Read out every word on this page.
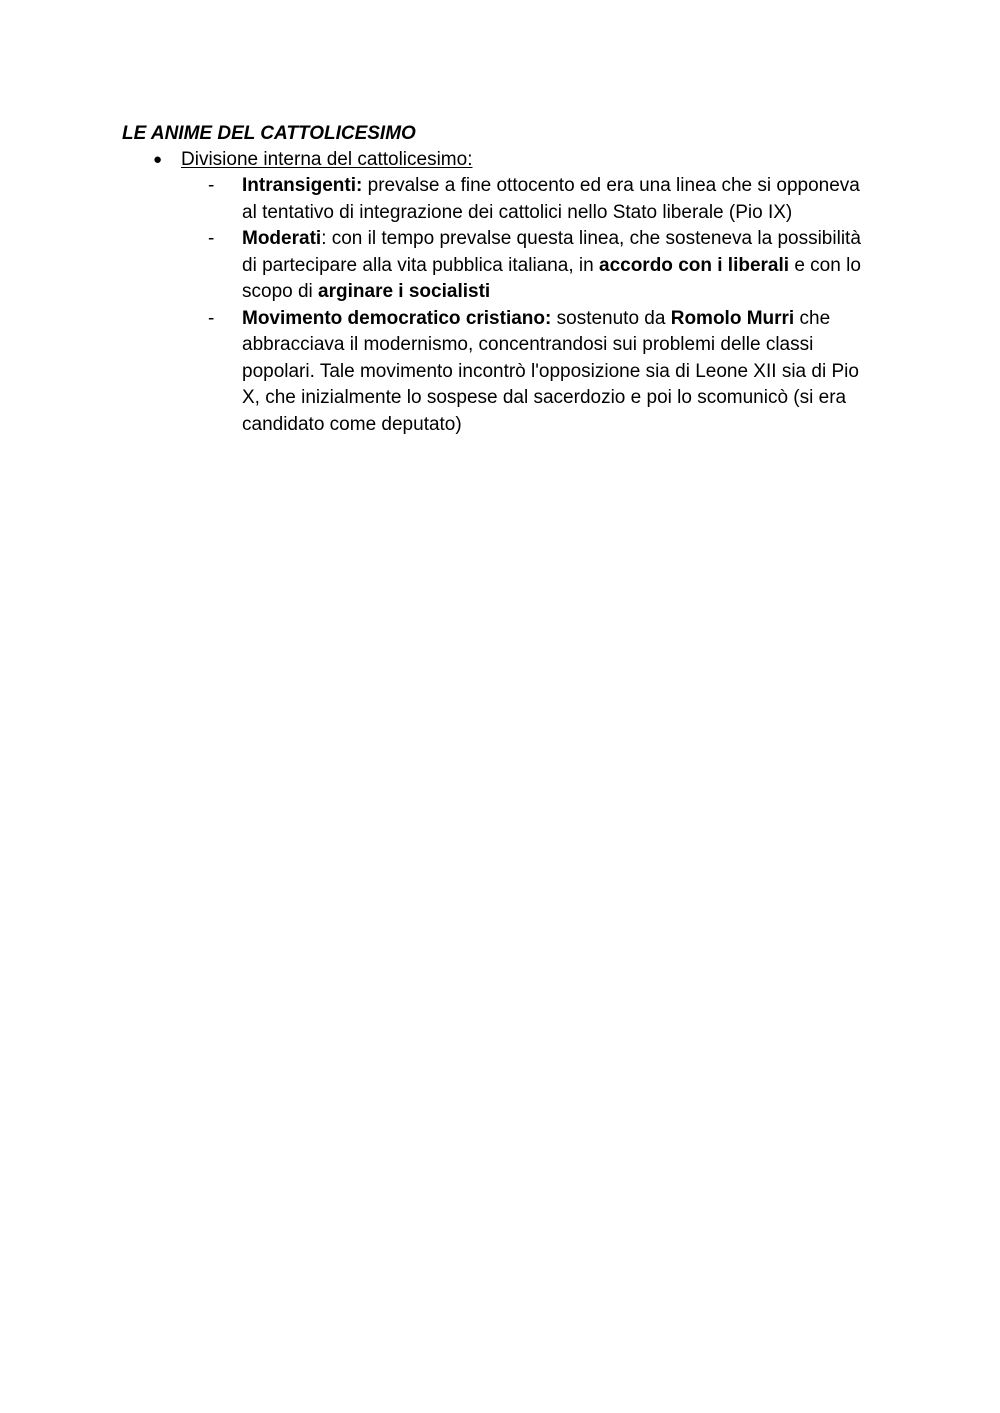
LE ANIME DEL CATTOLICESIMO
● Divisione interna del cattolicesimo:
- Intransigenti: prevalse a fine ottocento ed era una linea che si opponeva al tentativo di integrazione dei cattolici nello Stato liberale (Pio IX)
- Moderati: con il tempo prevalse questa linea, che sosteneva la possibilità di partecipare alla vita pubblica italiana, in accordo con i liberali e con lo scopo di arginare i socialisti
- Movimento democratico cristiano: sostenuto da Romolo Murri che abbracciava il modernismo, concentrandosi sui problemi delle classi popolari. Tale movimento incontrò l'opposizione sia di Leone XII sia di Pio X, che inizialmente lo sospese dal sacerdozio e poi lo scomunicò (si era candidato come deputato)
